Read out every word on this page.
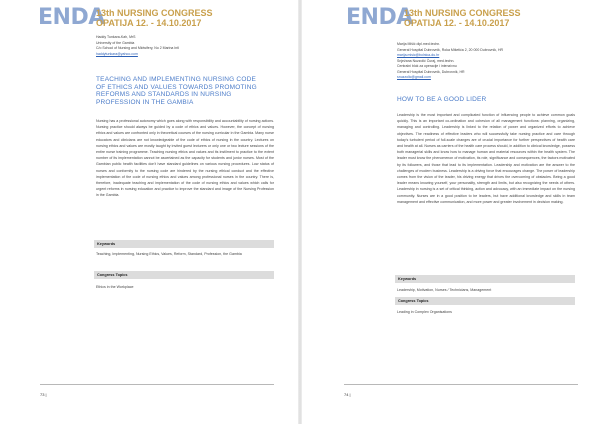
ENDA
13th NURSING CONGRESS
OPATIJA 12. - 14.10.2017
Haddy Tunkara-Kah, MrS
University of the Gambia
C/o School of Nursing and Midwifery, No 2 Marina Intl
haddytunkara@yahoo.com
TEACHING AND IMPLEMENTING NURSING CODE OF ETHICS AND VALUES TOWARDS PROMOTING REFORMS AND STANDARDS IN NURSING PROFESSION IN THE GAMBIA
Nursing has a professional autonomy which goes along with responsibility and accountability of nursing actions. Nursing practice should always be guided by a code of ethics and values. However, the concept of nursing ethics and values are confronted only in theoretical courses of the nursing curricular in the Gambia. Many nurse educators and clinicians are not knowledgeable of the code of ethics of nursing in the country. Lectures on nursing ethics and values are mostly taught by invited guest lecturers or only one or two lecture sessions of the entire nurse training programme. Teaching nursing ethics and values and its instilment to practice to the extent number of its implementation cannot be ascertained as the capacity for students and junior nurses. Most of the Gambian public health facilities don't have standard guidelines on various nursing procedures. Low status of nurses and conformity to the nursing code are hindered by the nursing ethical conduct and the effective implementation of the code of nursing ethics and values among professional nurses in the country. There is, therefore, inadequate teaching and implementation of the code of nursing ethics and values which calls for urgent reforms in nursing education and practice to improve the standard and image of the Nursing Profession in the Gambia.
Keywords
Teaching, Implementing, Nursing Ethics, Values, Reform, Standard, Profession, the Gambia
Congress Topics
Ethics in the Workplace
73 |
ENDA
13th NURSING CONGRESS
OPATIJA 12. - 14.10.2017
Marija Mišić dipl.med.techn.
General Hospital Dubrovnik, Roka Mišetića 2, 20 000 Dubrovnik, HR
marija.misic@bolnica-du.hr
Snježana Nuzzolić Čuraj, med.techn.
Centralni blok za operacije i intenzivnu
General Hospital Dubrovnik, Dubrovnik, HR
snuzzolic@gmail.com
HOW TO BE A GOOD LIDER
Leadership is the most important and complicated function of influencing people to achieve common goals quickly. This is an important co-ordination and cohesion of all management functions: planning, organizing, managing and controlling. Leadership is linked to the relation of power and organized efforts to achieve objectives. The readiness of effective leaders who will successfully take nursing practice and care through today's turbulent period of full-scale changes are of crucial importance for further perspectives of health care and health at all. Nurses as carriers of the health care process should, in addition to clinical knowledge, possess both managerial skills and know how to manage human and material resources within the health system. The leader must know the phenomenon of motivation, its role, significance and consequences, the factors motivated by its followers, and those that lead to its implementation. Leadership and motivation are the answer to the challenges of modern business. Leadership is a driving force that encourages change. The power of leadership comes from the vision of the leader, his driving energy that drives the overcoming of obstacles. Being a good leader means knowing yourself, your personality, strength and limits, but also recognizing the needs of others. Leadership in nursing is a set of critical thinking, action and advocacy, with an immediate impact on the nursing community. Nurses are in a good position to be leaders, but have additional knowledge and skills in team management and effective communication, and more power and greater involvement in decision making.
Keywords
Leadership, Motivation, Nurses / Technicians, Management
Congress Topics
Leading in Complex Organisations
74 |
